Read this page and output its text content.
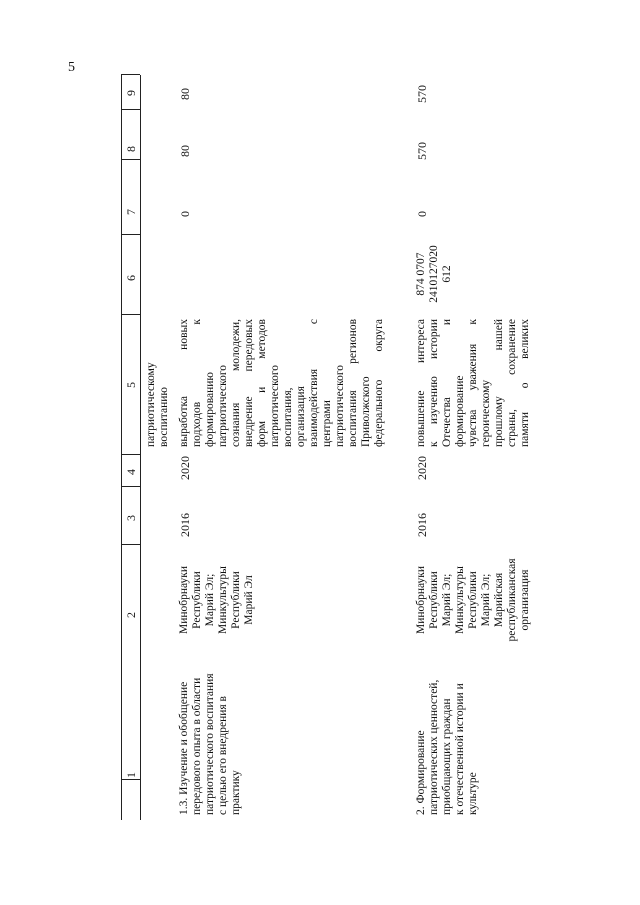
5
1
2
3
4
5
6
7
8
9
патриотическому воспитанию
1.3. Изучение и обобщение передового опыта в области патриотического воспитания с целью его внедрения в практику
Минобрнауки Республики Марий Эл; Минкультуры Республики Марий Эл
2016
2020
выработка новых подходов к формированию патриотического сознания молодежи, внедрение передовых форм и методов патриотического воспитания, организация взаимодействия с центрами патриотического воспитания регионов Приволжского федерального округа
0
80
80
2. Формирование патриотических ценностей, приобщающих граждан к отечественной истории и культуре
Минобрнауки Республики Марий Эл; Минкультуры Республики Марий Эл; Марийская республиканская организация
2016
2020
повышение интереса к изучению истории Отечества и формирование чувства уважения к героическому прошлому нашей страны, сохранение памяти о великих
874 0707 2410127020 612
0
570
570
